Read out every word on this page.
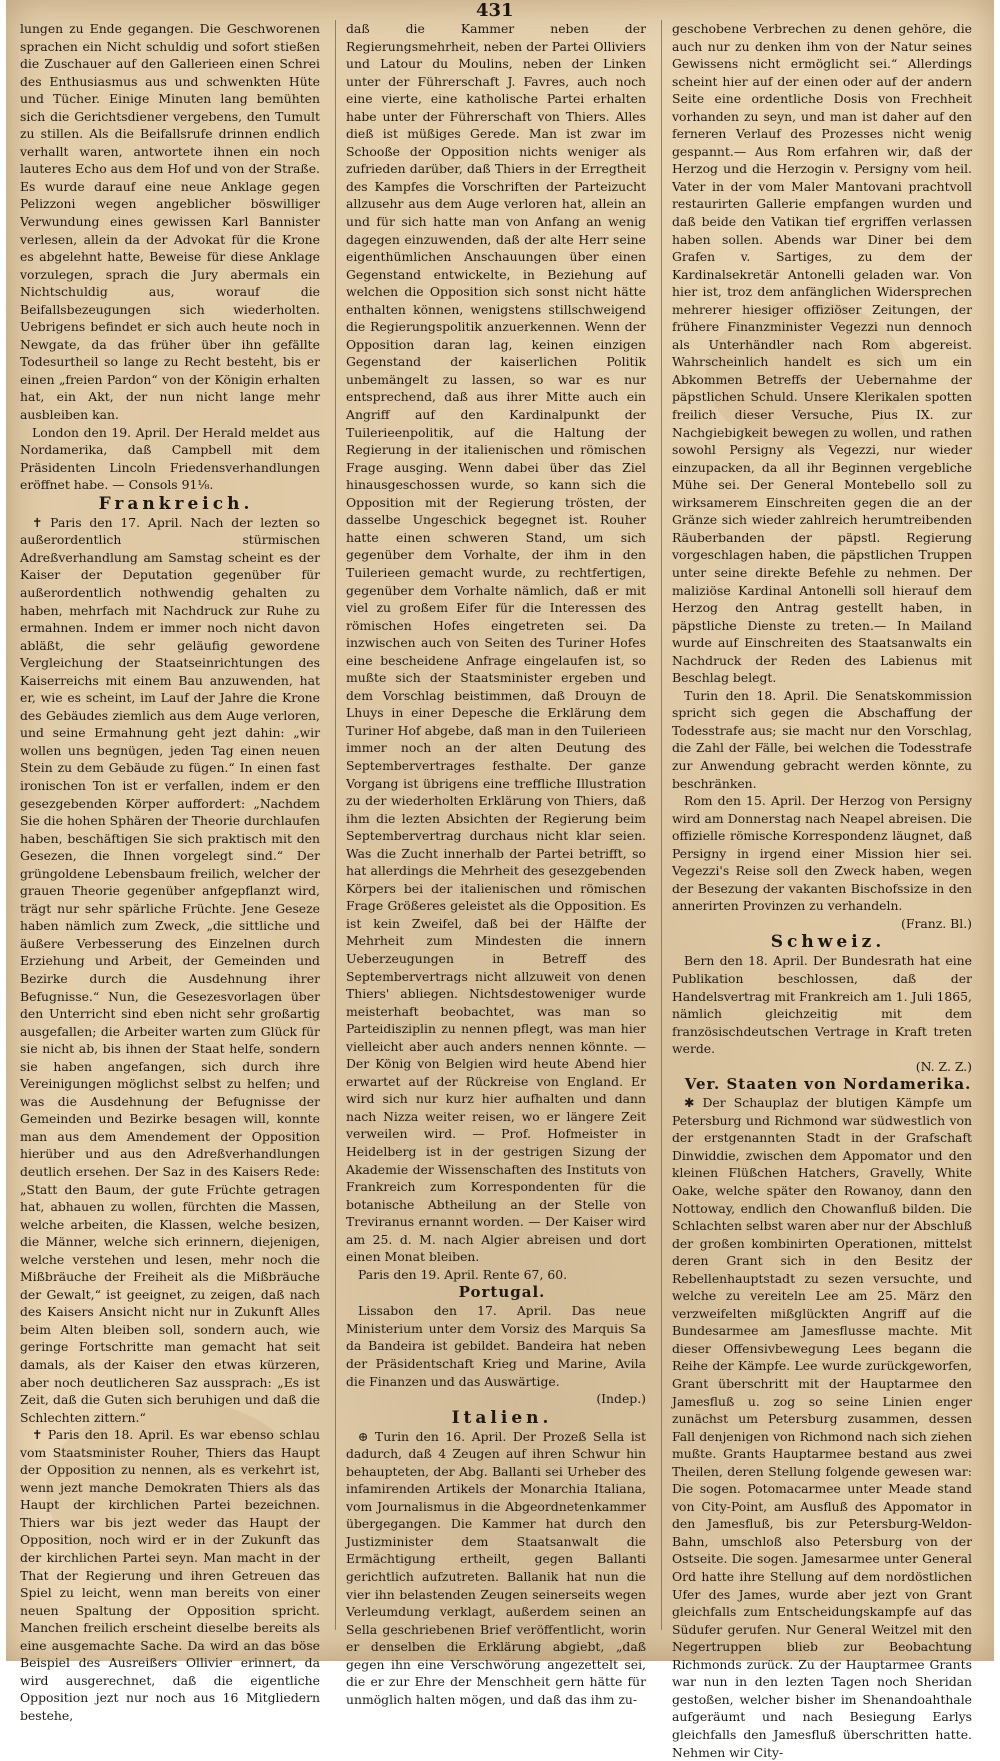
431

lungen zu Ende gegangen. Die Geschworenen sprachen ein Nicht schuldig und sofort stießen die Zuschauer auf den Gallerieen einen Schrei des Enthusiasmus aus und schwenkten Hüte und Tücher. Einige Minuten lang bemühten sich die Gerichtsdiener vergebens, den Tumult zu stillen. Als die Beifallsrufe drinnen endlich verhallt waren, antwortete ihnen ein noch lauteres Echo aus dem Hof und von der Straße. Es wurde darauf eine neue Anklage gegen Pelizzoni wegen angeblicher böswilliger Verwundung eines gewissen Karl Bannister verlesen, allein da der Advokat für die Krone es abgelehnt hatte, Beweise für diese Anklage vorzulegen, sprach die Jury abermals ein Nichtschuldig aus, worauf die Beifallsbezeugungen sich wiederholten. Uebrigens befindet er sich auch heute noch in Newgate, da das früher über ihn gefällte Todesurtheil so lange zu Recht besteht, bis er einen „freien Pardon“ von der Königin erhalten hat, ein Akt, der nun nicht lange mehr ausbleiben kan.

London den 19. April. Der Herald meldet aus Nordamerika, daß Campbell mit dem Präsidenten Lincoln Friedensverhandlungen eröffnet habe. — Consols 91⅛.

Frankreich.

✝ Paris den 17. April. Nach der lezten so außerordentlich stürmischen Adreßverhandlung am Samstag scheint es der Kaiser der Deputation gegenüber für außerordentlich nothwendig gehalten zu haben, mehrfach mit Nachdruck zur Ruhe zu ermahnen. Indem er immer noch nicht davon abläßt, die sehr geläufig gewordene Vergleichung der Staatseinrichtungen des Kaiserreichs mit einem Bau anzuwenden, hat er, wie es scheint, im Lauf der Jahre die Krone des Gebäudes ziemlich aus dem Auge verloren, und seine Ermahnung geht jezt dahin: „wir wollen uns begnügen, jeden Tag einen neuen Stein zu dem Gebäude zu fügen.“ In einen fast ironischen Ton ist er verfallen, indem er den gesezgebenden Körper auffordert: „Nachdem Sie die hohen Sphären der Theorie durchlaufen haben, beschäftigen Sie sich praktisch mit den Gesezen, die Ihnen vorgelegt sind.“ Der grüngoldene Lebensbaum freilich, welcher der grauen Theorie gegenüber anfgepflanzt wird, trägt nur sehr spärliche Früchte. Jene Geseze haben nämlich zum Zweck, „die sittliche und äußere Verbesserung des Einzelnen durch Erziehung und Arbeit, der Gemeinden und Bezirke durch die Ausdehnung ihrer Befugnisse.“ Nun, die Gesezesvorlagen über den Unterricht sind eben nicht sehr großartig ausgefallen; die Arbeiter warten zum Glück für sie nicht ab, bis ihnen der Staat helfe, sondern sie haben angefangen, sich durch ihre Vereinigungen möglichst selbst zu helfen; und was die Ausdehnung der Befugnisse der Gemeinden und Bezirke besagen will, konnte man aus dem Amendement der Opposition hierüber und aus den Adreßverhandlungen deutlich ersehen. Der Saz in des Kaisers Rede: „Statt den Baum, der gute Früchte getragen hat, abhauen zu wollen, fürchten die Massen, welche arbeiten, die Klassen, welche besizen, die Männer, welche sich erinnern, diejenigen, welche verstehen und lesen, mehr noch die Mißbräuche der Freiheit als die Mißbräuche der Gewalt,“ ist geeignet, zu zeigen, daß nach des Kaisers Ansicht nicht nur in Zukunft Alles beim Alten bleiben soll, sondern auch, wie geringe Fortschritte man gemacht hat seit damals, als der Kaiser den etwas kürzeren, aber noch deutlicheren Saz aussprach: „Es ist Zeit, daß die Guten sich beruhigen und daß die Schlechten zittern.“

✝ Paris den 18. April. Es war ebenso schlau vom Staatsminister Rouher, Thiers das Haupt der Opposition zu nennen, als es verkehrt ist, wenn jezt manche Demokraten Thiers als das Haupt der kirchlichen Partei bezeichnen. Thiers war bis jezt weder das Haupt der Opposition, noch wird er in der Zukunft das der kirchlichen Partei seyn. Man macht in der That der Regierung und ihren Getreuen das Spiel zu leicht, wenn man bereits von einer neuen Spaltung der Opposition spricht. Manchen freilich erscheint dieselbe bereits als eine ausgemachte Sache. Da wird an das böse Beispiel des Ausreißers Ollivier erinnert, da wird ausgerechnet, daß die eigentliche Opposition jezt nur noch aus 16 Mitgliedern bestehe,

daß die Kammer neben der Regierungsmehrheit, neben der Partei Olliviers und Latour du Moulins, neben der Linken unter der Führerschaft J. Favres, auch noch eine vierte, eine katholische Partei erhalten habe unter der Führerschaft von Thiers. Alles dieß ist müßiges Gerede. Man ist zwar im Schooße der Opposition nichts weniger als zufrieden darüber, daß Thiers in der Erregtheit des Kampfes die Vorschriften der Parteizucht allzusehr aus dem Auge verloren hat, allein an und für sich hatte man von Anfang an wenig dagegen einzuwenden, daß der alte Herr seine eigenthümlichen Anschauungen über einen Gegenstand entwickelte, in Beziehung auf welchen die Opposition sich sonst nicht hätte enthalten können, wenigstens stillschweigend die Regierungspolitik anzuerkennen. Wenn der Opposition daran lag, keinen einzigen Gegenstand der kaiserlichen Politik unbemängelt zu lassen, so war es nur entsprechend, daß aus ihrer Mitte auch ein Angriff auf den Kardinalpunkt der Tuilerieenpolitik, auf die Haltung der Regierung in der italienischen und römischen Frage ausging. Wenn dabei über das Ziel hinausgeschossen wurde, so kann sich die Opposition mit der Regierung trösten, der dasselbe Ungeschick begegnet ist. Rouher hatte einen schweren Stand, um sich gegenüber dem Vorhalte, der ihm in den Tuilerieen gemacht wurde, zu rechtfertigen, gegenüber dem Vorhalte nämlich, daß er mit viel zu großem Eifer für die Interessen des römischen Hofes eingetreten sei. Da inzwischen auch von Seiten des Turiner Hofes eine bescheidene Anfrage eingelaufen ist, so mußte sich der Staatsminister ergeben und dem Vorschlag beistimmen, daß Drouyn de Lhuys in einer Depesche die Erklärung dem Turiner Hof abgebe, daß man in den Tuilerieen immer noch an der alten Deutung des Septembervertrages festhalte. Der ganze Vorgang ist übrigens eine treffliche Illustration zu der wiederholten Erklärung von Thiers, daß ihm die lezten Absichten der Regierung beim Septembervertrag durchaus nicht klar seien. Was die Zucht innerhalb der Partei betrifft, so hat allerdings die Mehrheit des gesezgebenden Körpers bei der italienischen und römischen Frage Größeres geleistet als die Opposition. Es ist kein Zweifel, daß bei der Hälfte der Mehrheit zum Mindesten die innern Ueberzeugungen in Betreff des Septembervertrags nicht allzuweit von denen Thiers' abliegen. Nichtsdestoweniger wurde meisterhaft beobachtet, was man so Parteidisziplin zu nennen pflegt, was man hier vielleicht aber auch anders nennen könnte. — Der König von Belgien wird heute Abend hier erwartet auf der Rückreise von England. Er wird sich nur kurz hier aufhalten und dann nach Nizza weiter reisen, wo er längere Zeit verweilen wird. — Prof. Hofmeister in Heidelberg ist in der gestrigen Sizung der Akademie der Wissenschaften des Instituts von Frankreich zum Korrespondenten für die botanische Abtheilung an der Stelle von Treviranus ernannt worden. — Der Kaiser wird am 25. d. M. nach Algier abreisen und dort einen Monat bleiben.

Paris den 19. April. Rente 67, 60.

Portugal.

Lissabon den 17. April. Das neue Ministerium unter dem Vorsiz des Marquis Sa da Bandeira ist gebildet. Bandeira hat neben der Präsidentschaft Krieg und Marine, Avila die Finanzen und das Auswärtige.

(Indep.)

Italien.

⊕ Turin den 16. April. Der Prozeß Sella ist dadurch, daß 4 Zeugen auf ihren Schwur hin behaupteten, der Abg. Ballanti sei Urheber des infamirenden Artikels der Monarchia Italiana, vom Journalismus in die Abgeordnetenkammer übergegangen. Die Kammer hat durch den Justizminister dem Staatsanwalt die Ermächtigung ertheilt, gegen Ballanti gerichtlich aufzutreten. Ballanik hat nun die vier ihn belastenden Zeugen seinerseits wegen Verleumdung verklagt, außerdem seinen an Sella geschriebenen Brief veröffentlicht, worin er denselben die Erklärung abgiebt, „daß gegen ihn eine Verschwörung angezettelt sei, die er zur Ehre der Menschheit gern hätte für unmöglich halten mögen, und daß das ihm zu-

geschobene Verbrechen zu denen gehöre, die auch nur zu denken ihm von der Natur seines Gewissens nicht ermöglicht sei.“ Allerdings scheint hier auf der einen oder auf der andern Seite eine ordentliche Dosis von Frechheit vorhanden zu seyn, und man ist daher auf den ferneren Verlauf des Prozesses nicht wenig gespannt.— Aus Rom erfahren wir, daß der Herzog und die Herzogin v. Persigny vom heil. Vater in der vom Maler Mantovani prachtvoll restaurirten Gallerie empfangen wurden und daß beide den Vatikan tief ergriffen verlassen haben sollen. Abends war Diner bei dem Grafen v. Sartiges, zu dem der Kardinalsekretär Antonelli geladen war. Von hier ist, troz dem anfänglichen Widersprechen mehrerer hiesiger offiziöser Zeitungen, der frühere Finanzminister Vegezzi nun dennoch als Unterhändler nach Rom abgereist. Wahrscheinlich handelt es sich um ein Abkommen Betreffs der Uebernahme der päpstlichen Schuld. Unsere Klerikalen spotten freilich dieser Versuche, Pius IX. zur Nachgiebigkeit bewegen zu wollen, und rathen sowohl Persigny als Vegezzi, nur wieder einzupacken, da all ihr Beginnen vergebliche Mühe sei. Der General Montebello soll zu wirksamerem Einschreiten gegen die an der Gränze sich wieder zahlreich herumtreibenden Räuberbanden der päpstl. Regierung vorgeschlagen haben, die päpstlichen Truppen unter seine direkte Befehle zu nehmen. Der maliziöse Kardinal Antonelli soll hierauf dem Herzog den Antrag gestellt haben, in päpstliche Dienste zu treten.— In Mailand wurde auf Einschreiten des Staatsanwalts ein Nachdruck der Reden des Labienus mit Beschlag belegt.

Turin den 18. April. Die Senatskommission spricht sich gegen die Abschaffung der Todesstrafe aus; sie macht nur den Vorschlag, die Zahl der Fälle, bei welchen die Todesstrafe zur Anwendung gebracht werden könnte, zu beschränken.

Rom den 15. April. Der Herzog von Persigny wird am Donnerstag nach Neapel abreisen. Die offizielle römische Korrespondenz läugnet, daß Persigny in irgend einer Mission hier sei. Vegezzi's Reise soll den Zweck haben, wegen der Besezung der vakanten Bischofssize in den annerirten Provinzen zu verhandeln.

(Franz. Bl.)

Schweiz.

Bern den 18. April. Der Bundesrath hat eine Publikation beschlossen, daß der Handelsvertrag mit Frankreich am 1. Juli 1865, nämlich gleichzeitig mit dem französischdeutschen Vertrage in Kraft treten werde.

(N. Z. Z.)

Ver. Staaten von Nordamerika.

✱ Der Schauplaz der blutigen Kämpfe um Petersburg und Richmond war südwestlich von der erstgenannten Stadt in der Grafschaft Dinwiddie, zwischen dem Appomator und den kleinen Flüßchen Hatchers, Gravelly, White Oake, welche später den Rowanoy, dann den Nottoway, endlich den Chowanfluß bilden. Die Schlachten selbst waren aber nur der Abschluß der großen kombinirten Operationen, mittelst deren Grant sich in den Besitz der Rebellenhauptstadt zu sezen versuchte, und welche zu vereiteln Lee am 25. März den verzweifelten mißglückten Angriff auf die Bundesarmee am Jamesflusse machte. Mit dieser Offensivbewegung Lees begann die Reihe der Kämpfe. Lee wurde zurückgeworfen, Grant überschritt mit der Hauptarmee den Jamesfluß u. zog so seine Linien enger zunächst um Petersburg zusammen, dessen Fall denjenigen von Richmond nach sich ziehen mußte. Grants Hauptarmee bestand aus zwei Theilen, deren Stellung folgende gewesen war: Die sogen. Potomacarmee unter Meade stand von City-Point, am Ausfluß des Appomator in den Jamesfluß, bis zur Petersburg-Weldon-Bahn, umschloß also Petersburg von der Ostseite. Die sogen. Jamesarmee unter General Ord hatte ihre Stellung auf dem nordöstlichen Ufer des James, wurde aber jezt von Grant gleichfalls zum Entscheidungskampfe auf das Südufer gerufen. Nur General Weitzel mit den Negertruppen blieb zur Beobachtung Richmonds zurück. Zu der Hauptarmee Grants war nun in den lezten Tagen noch Sheridan gestoßen, welcher bisher im Shenandoahthale aufgeräumt und nach Besiegung Earlys gleichfalls den Jamesfluß überschritten hatte. Nehmen wir City-
